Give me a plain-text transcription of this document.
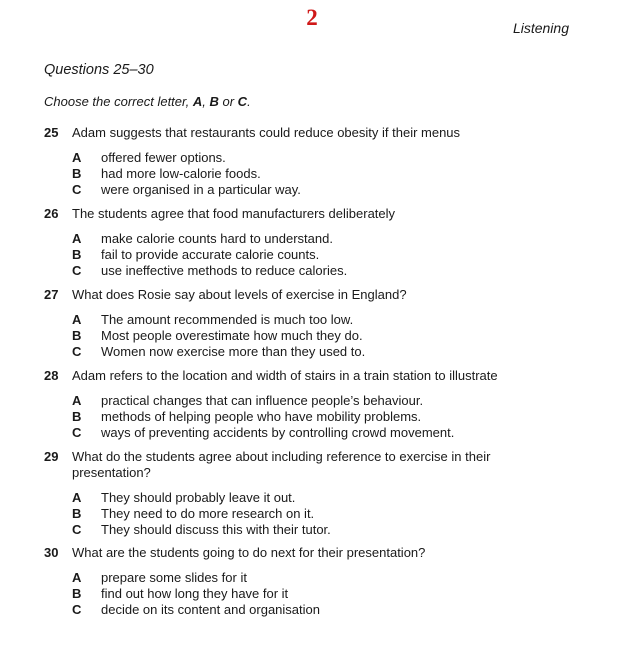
2	Listening
Questions 25–30
Choose the correct letter, A, B or C.
25	Adam suggests that restaurants could reduce obesity if their menus
A	offered fewer options.
B	had more low-calorie foods.
C	were organised in a particular way.
26	The students agree that food manufacturers deliberately
A	make calorie counts hard to understand.
B	fail to provide accurate calorie counts.
C	use ineffective methods to reduce calories.
27	What does Rosie say about levels of exercise in England?
A	The amount recommended is much too low.
B	Most people overestimate how much they do.
C	Women now exercise more than they used to.
28	Adam refers to the location and width of stairs in a train station to illustrate
A	practical changes that can influence people’s behaviour.
B	methods of helping people who have mobility problems.
C	ways of preventing accidents by controlling crowd movement.
29	What do the students agree about including reference to exercise in their presentation?
A	They should probably leave it out.
B	They need to do more research on it.
C	They should discuss this with their tutor.
30	What are the students going to do next for their presentation?
A	prepare some slides for it
B	find out how long they have for it
C	decide on its content and organisation
